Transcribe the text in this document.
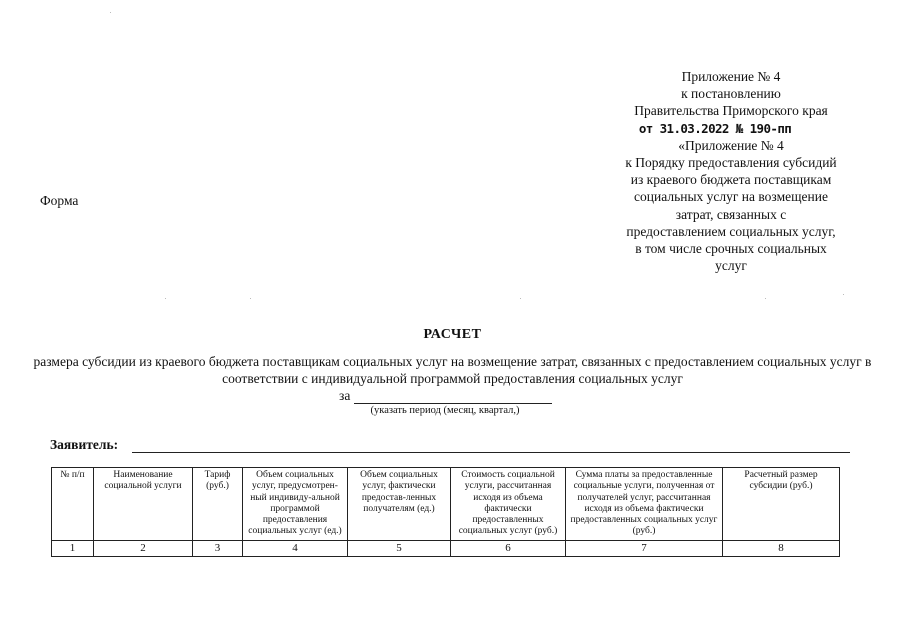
Приложение № 4
к постановлению
Правительства Приморского края
от 31.03.2022 № 190-пп
«Приложение № 4
к Порядку предоставления субсидий
из краевого бюджета поставщикам
социальных услуг на возмещение
затрат, связанных с
предоставлением социальных услуг,
в том числе срочных социальных
услуг
Форма
РАСЧЕТ
размера субсидии из краевого бюджета поставщикам социальных услуг на возмещение затрат, связанных с предоставлением социальных услуг в соответствии с индивидуальной программой предоставления социальных услуг
за
(указать период (месяц, квартал,)
Заявитель:
№ п/п	Наименование социальной услуги	Тариф (руб.)	Объем социальных услуг, предусмотрен-ный индивиду-альной программой предоставления социальных услуг (ед.)	Объем социальных услуг, фактически предостав-ленных получателям (ед.)	Стоимость социальной услуги, рассчитанная исходя из объема фактически предоставленных социальных услуг (руб.)	Сумма платы за предоставленные социальные услуги, полученная от получателей услуг, рассчитанная исходя из объема фактически предоставленных социальных услуг (руб.)	Расчетный размер субсидии (руб.)
1	2	3	4	5	6	7	8
